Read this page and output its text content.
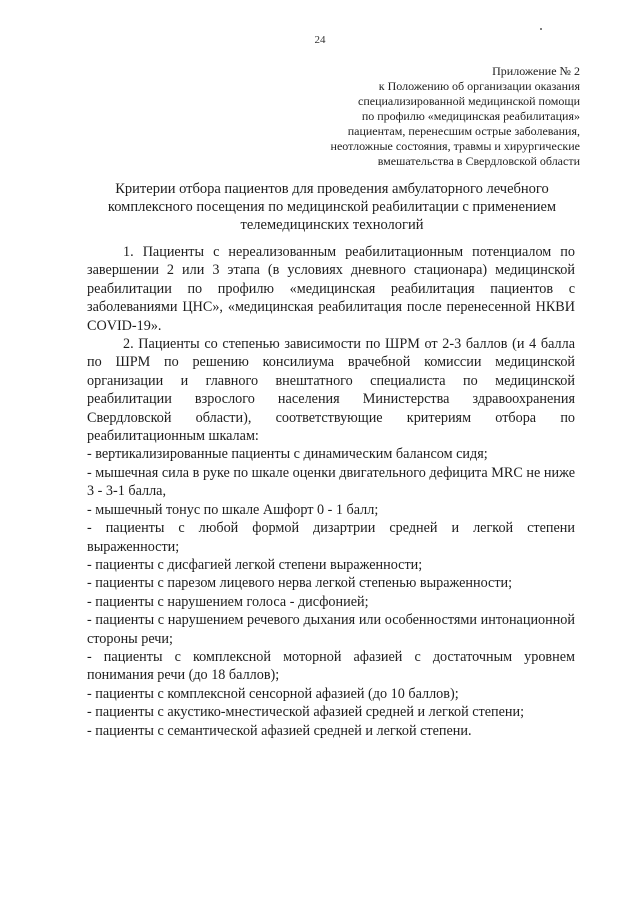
24
Приложение № 2
к Положению об организации оказания
специализированной медицинской помощи
по профилю «медицинская реабилитация»
пациентам, перенесшим острые заболевания,
неотложные состояния, травмы и хирургические
вмешательства в Свердловской области
Критерии отбора пациентов для проведения амбулаторного лечебного
комплексного посещения по медицинской реабилитации с применением
телемедицинских технологий

1. Пациенты с нереализованным реабилитационным потенциалом по завершении 2 или 3 этапа (в условиях дневного стационара) медицинской реабилитации по профилю «медицинская реабилитация пациентов с заболеваниями ЦНС», «медицинская реабилитация после перенесенной НКВИ COVID-19».

2. Пациенты со степенью зависимости по ШРМ от 2-3 баллов (и 4 балла по ШРМ по решению консилиума врачебной комиссии медицинской организации и главного внештатного специалиста по медицинской реабилитации взрослого населения Министерства здравоохранения Свердловской области), соответствующие критериям отбора по реабилитационным шкалам:

- вертикализированные пациенты с динамическим балансом сидя;

- мышечная сила в руке по шкале оценки двигательного дефицита MRC не ниже 3 - 3-1 балла,

- мышечный тонус по шкале Ашфорт 0 - 1 балл;

- пациенты с любой формой дизартрии средней и легкой степени выраженности;

- пациенты с дисфагией легкой степени выраженности;

- пациенты с парезом лицевого нерва легкой степенью выраженности;

- пациенты с нарушением голоса - дисфонией;

- пациенты с нарушением речевого дыхания или особенностями интонационной стороны речи;

- пациенты с комплексной моторной афазией с достаточным уровнем понимания речи (до 18 баллов);

- пациенты с комплексной сенсорной афазией (до 10 баллов);

- пациенты с акустико-мнестической афазией средней и легкой степени;

- пациенты с семантической афазией средней и легкой степени.
